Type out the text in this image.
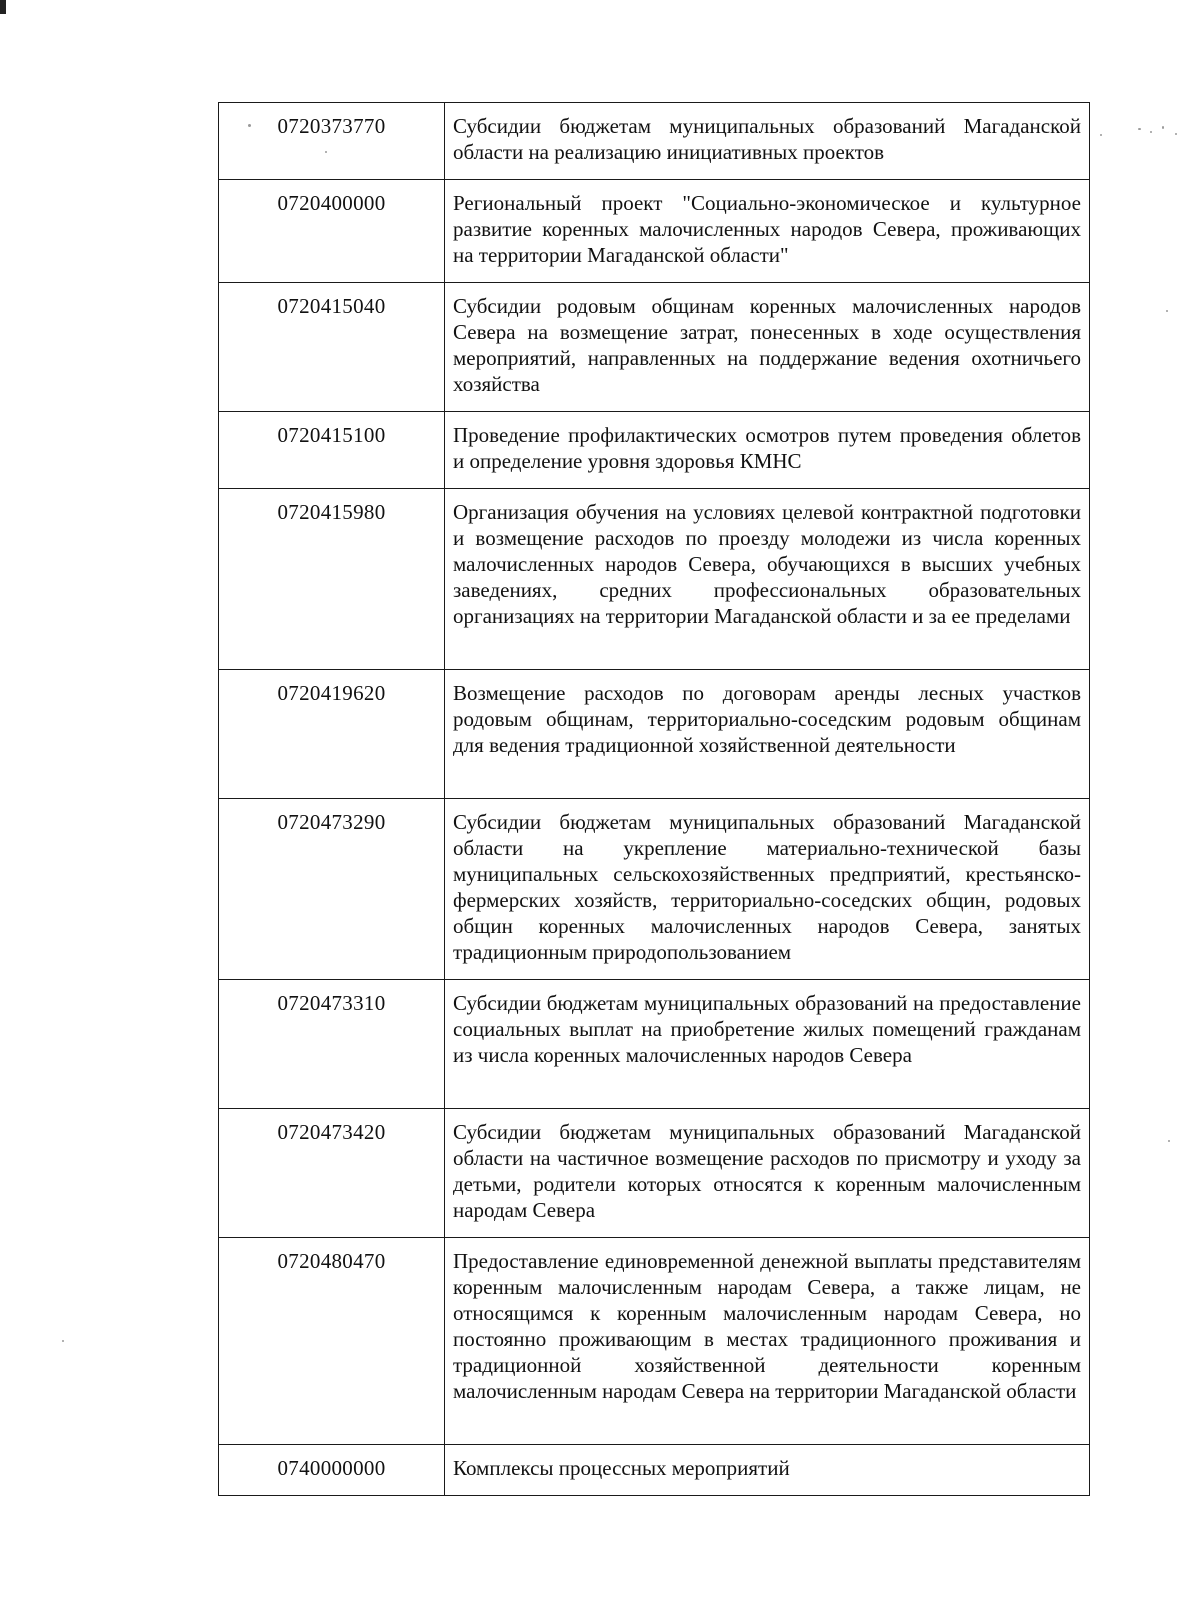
0720373770	Субсидии бюджетам муниципальных образований Магаданской области на реализацию инициативных проектов
0720400000	Региональный проект "Социально-экономическое и культурное развитие коренных малочисленных народов Севера, проживающих на территории Магаданской области"
0720415040	Субсидии родовым общинам коренных малочисленных народов Севера на возмещение затрат, понесенных в ходе осуществления мероприятий, направленных на поддержание ведения охотничьего хозяйства
0720415100	Проведение профилактических осмотров путем проведения облетов и определение уровня здоровья КМНС
0720415980	Организация обучения на условиях целевой контрактной подготовки и возмещение расходов по проезду молодежи из числа коренных малочисленных народов Севера, обучающихся в высших учебных заведениях, средних профессиональных образовательных организациях на территории Магаданской области и за ее пределами
0720419620	Возмещение расходов по договорам аренды лесных участков родовым общинам, территориально-соседским родовым общинам для ведения традиционной хозяйственной деятельности
0720473290	Субсидии бюджетам муниципальных образований Магаданской области на укрепление материально-технической базы муниципальных сельскохозяйственных предприятий, крестьянско-фермерских хозяйств, территориально-соседских общин, родовых общин коренных малочисленных народов Севера, занятых традиционным природопользованием
0720473310	Субсидии бюджетам муниципальных образований на предоставление социальных выплат на приобретение жилых помещений гражданам из числа коренных малочисленных народов Севера
0720473420	Субсидии бюджетам муниципальных образований Магаданской области на частичное возмещение расходов по присмотру и уходу за детьми, родители которых относятся к коренным малочисленным народам Севера
0720480470	Предоставление единовременной денежной выплаты представителям коренным малочисленным народам Севера, а также лицам, не относящимся к коренным малочисленным народам Севера, но постоянно проживающим в местах традиционного проживания и традиционной хозяйственной деятельности коренным малочисленным народам Севера на территории Магаданской области
0740000000	Комплексы процессных мероприятий
